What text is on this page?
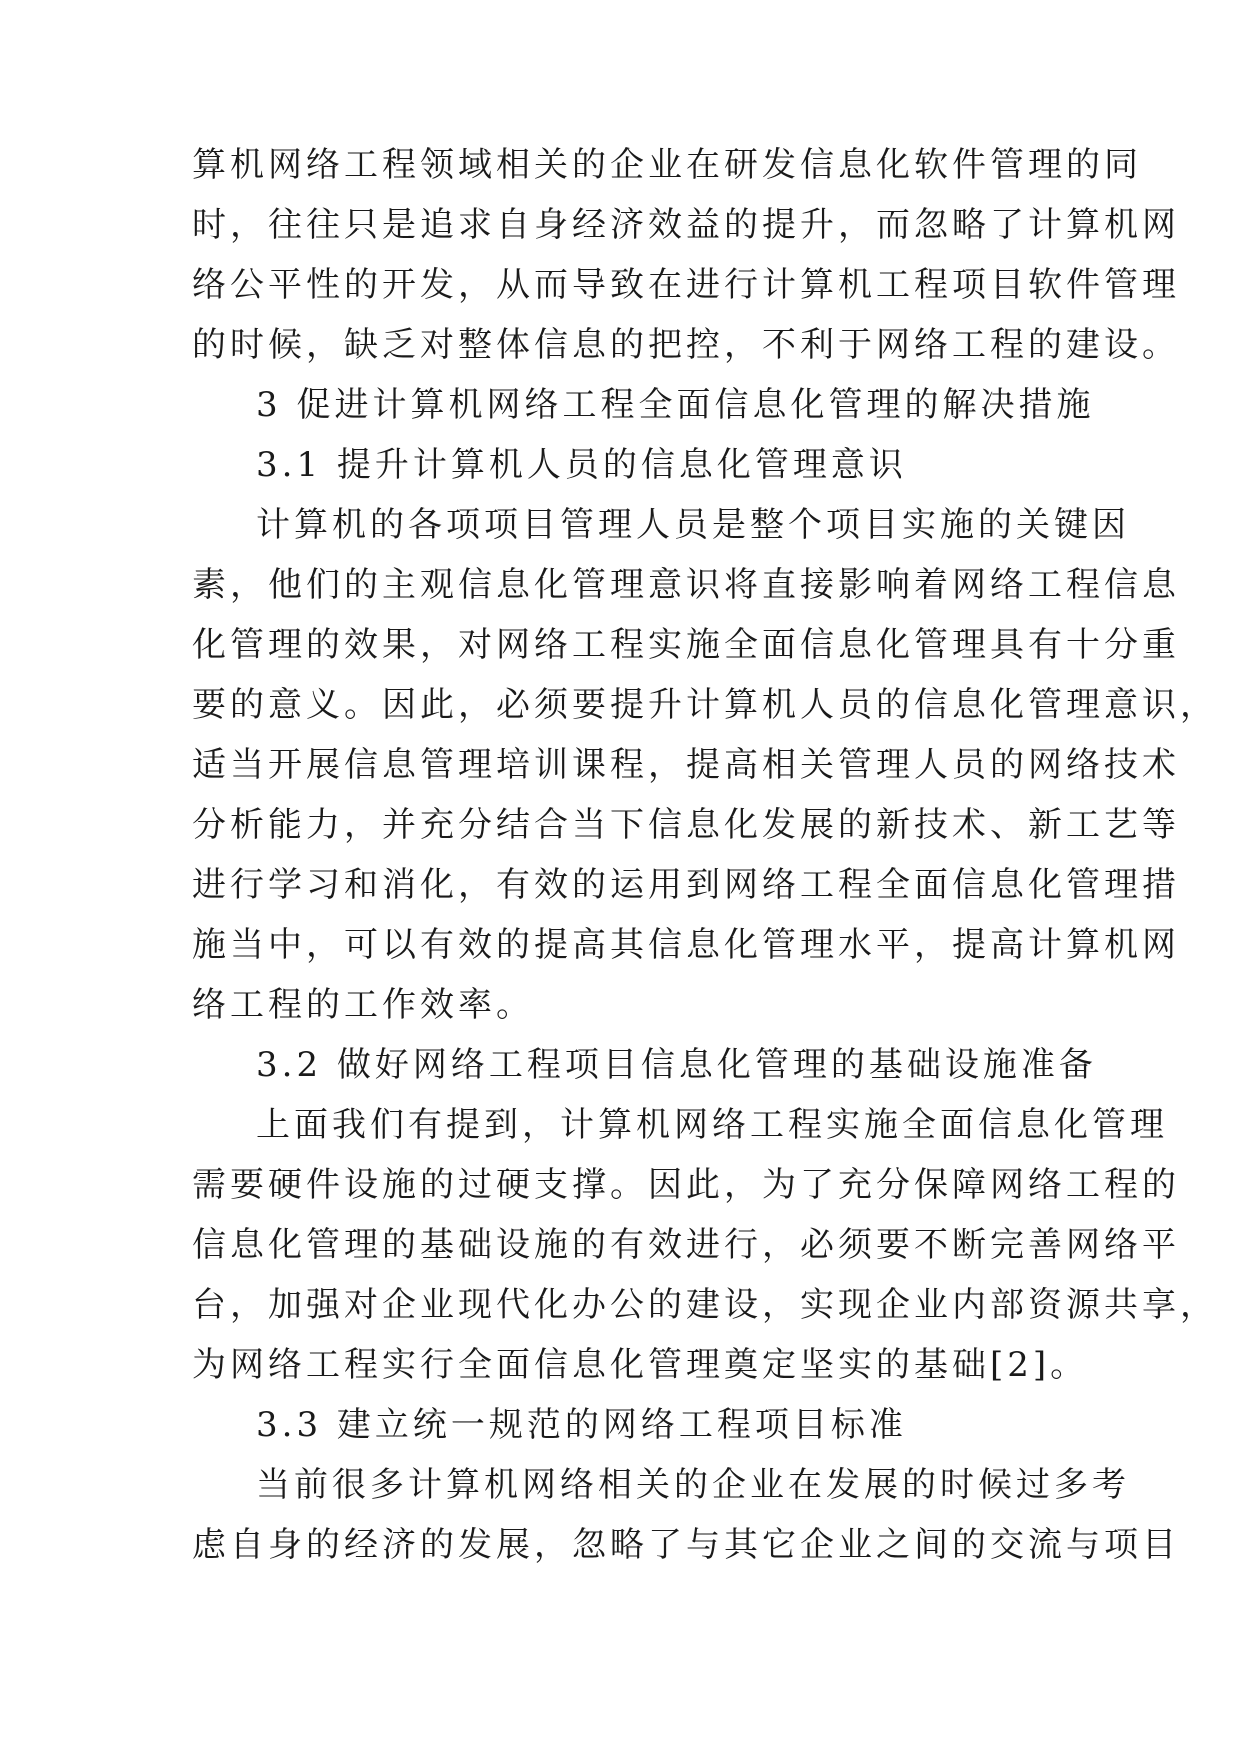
算机网络工程领域相关的企业在研发信息化软件管理的同
时，往往只是追求自身经济效益的提升，而忽略了计算机网
络公平性的开发，从而导致在进行计算机工程项目软件管理
的时候，缺乏对整体信息的把控，不利于网络工程的建设。
3 促进计算机网络工程全面信息化管理的解决措施
3.1 提升计算机人员的信息化管理意识
计算机的各项项目管理人员是整个项目实施的关键因
素，他们的主观信息化管理意识将直接影响着网络工程信息
化管理的效果，对网络工程实施全面信息化管理具有十分重
要的意义。因此，必须要提升计算机人员的信息化管理意识，
适当开展信息管理培训课程，提高相关管理人员的网络技术
分析能力，并充分结合当下信息化发展的新技术、新工艺等
进行学习和消化，有效的运用到网络工程全面信息化管理措
施当中，可以有效的提高其信息化管理水平，提高计算机网
络工程的工作效率。
3.2 做好网络工程项目信息化管理的基础设施准备
上面我们有提到，计算机网络工程实施全面信息化管理
需要硬件设施的过硬支撑。因此，为了充分保障网络工程的
信息化管理的基础设施的有效进行，必须要不断完善网络平
台，加强对企业现代化办公的建设，实现企业内部资源共享，
为网络工程实行全面信息化管理奠定坚实的基础[2]。
3.3 建立统一规范的网络工程项目标准
当前很多计算机网络相关的企业在发展的时候过多考
虑自身的经济的发展，忽略了与其它企业之间的交流与项目
